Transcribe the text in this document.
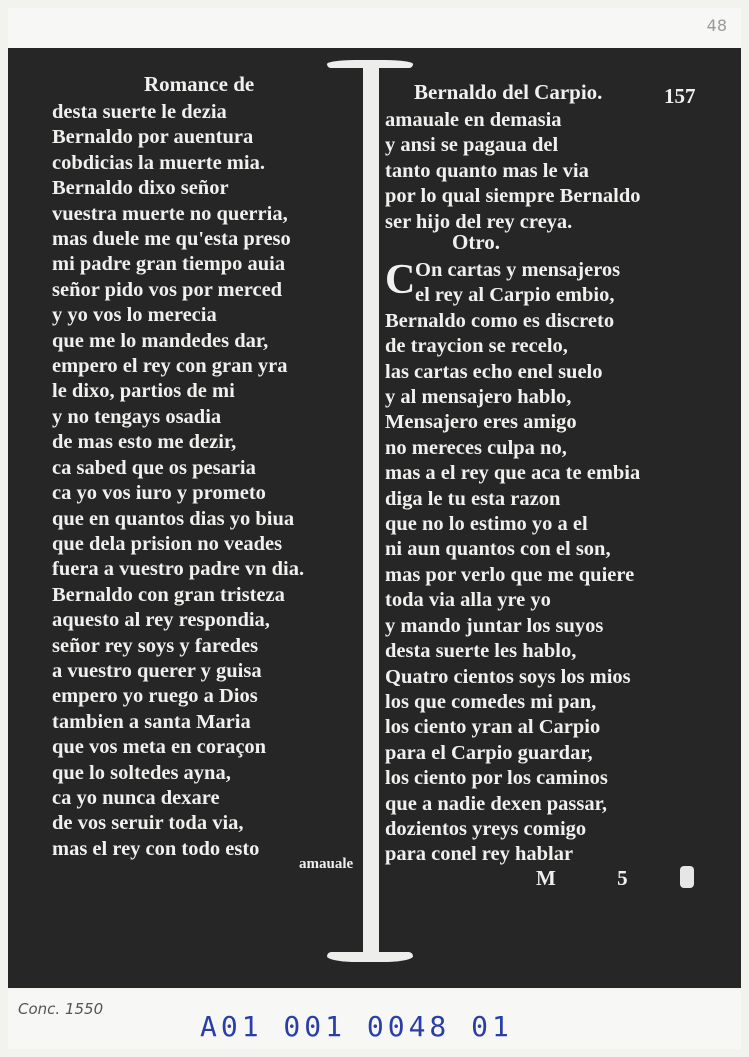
48
Romance de	Bernaldo del Carpio.	157
desta suerte le dezia
Bernaldo por auentura
cobdicias la muerte mia.
Bernaldo dixo señor
vuestra muerte no querria,
mas duele me qu'esta preso
mi padre gran tiempo auia
señor pido vos por merced
y yo vos lo merecia
que me lo mandedes dar,
empero el rey con gran yra
le dixo, partios de mi
y no tengays osadia
de mas esto me dezir,
ca sabed que os pesaria
ca yo vos iuro y prometo
que en quantos dias yo biua
que dela prision no veades
fuera a vuestro padre vn dia.
Bernaldo con gran tristeza
aquesto al rey respondia,
señor rey soys y faredes
a vuestro querer y guisa
empero yo ruego a Dios
tambien a santa Maria
que vos meta en coraçon
que lo soltedes ayna,
ca yo nunca dexare
de vos seruir toda via,
mas el rey con todo esto
amauale en demasia
y ansi se pagaua del
tanto quanto mas le via
por lo qual siempre Bernaldo
ser hijo del rey creya.
Otro.
C On cartas y mensajeros
el rey al Carpio embio,
Bernaldo como es discreto
de traycion se recelo,
las cartas echo enel suelo
y al mensajero hablo,
Mensajero eres amigo
no mereces culpa no,
mas a el rey que aca te embia
diga le tu esta razon
que no lo estimo yo a el
ni aun quantos con el son,
mas por verlo que me quiere
toda via alla yre yo
y mando juntar los suyos
desta suerte les hablo,
Quatro cientos soys los mios
los que comedes mi pan,
los ciento yran al Carpio
para el Carpio guardar,
los ciento por los caminos
que a nadie dexen passar,
dozientos yreys comigo
para conel rey hablar
amauale
M 5
Conc. 1550
A01 001 0048 01
